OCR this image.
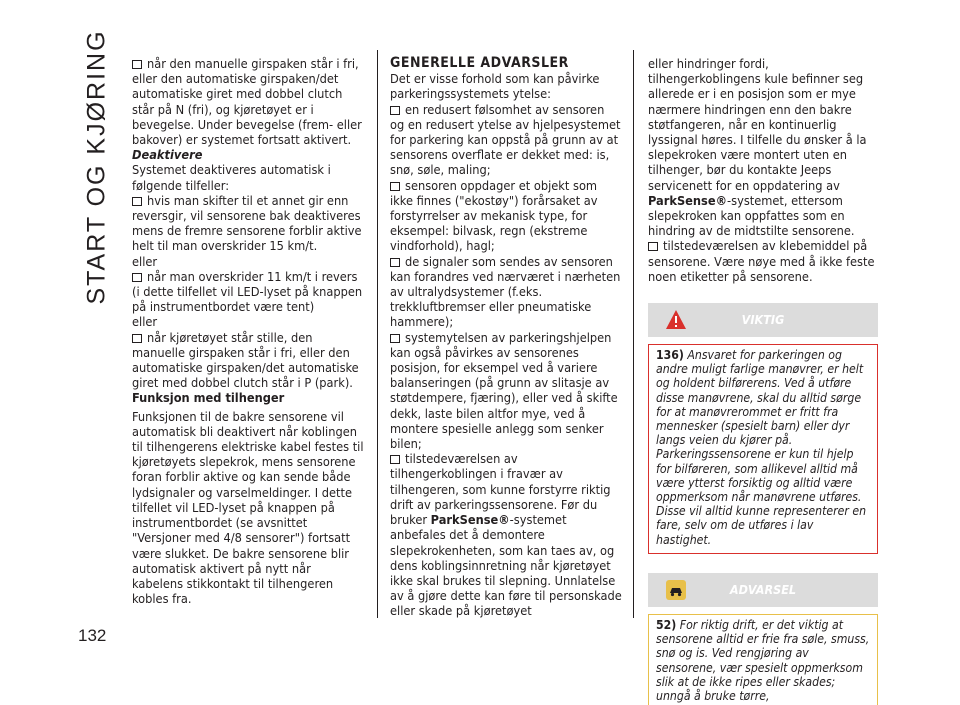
START OG KJØRING	når den manuelle girspaken står i fri, eller den automatiske girspaken/det automatiske giret med dobbel clutch står på N (fri), og kjøretøyet er i bevegelse. Under bevegelse (frem- eller bakover) er systemet fortsatt aktivert.

Deaktivere

Systemet deaktiveres automatisk i følgende tilfeller:

hvis man skifter til et annet gir enn reversgir, vil sensorene bak deaktiveres mens de fremre sensorene forblir aktive helt til man overskrider 15 km/t.

eller

når man overskrider 11 km/t i revers (i dette tilfellet vil LED-lyset på knappen på instrumentbordet være tent)

eller

når kjøretøyet står stille, den manuelle girspaken står i fri, eller den automatiske girspaken/det automatiske giret med dobbel clutch står i P (park).

Funksjon med tilhenger

Funksjonen til de bakre sensorene vil automatisk bli deaktivert når koblingen til tilhengerens elektriske kabel festes til kjøretøyets slepekrok, mens sensorene foran forblir aktive og kan sende både lydsignaler og varselmeldinger. I dette tilfellet vil LED-lyset på knappen på instrumentbordet (se avsnittet "Versjoner med 4/8 sensorer") fortsatt være slukket. De bakre sensorene blir automatisk aktivert på nytt når kabelens stikkontakt til tilhengeren kobles fra.

GENERELLE ADVARSLER

Det er visse forhold som kan påvirke parkeringssystemets ytelse:

en redusert følsomhet av sensoren og en redusert ytelse av hjelpesystemet for parkering kan oppstå på grunn av at sensorens overflate er dekket med: is, snø, søle, maling;

sensoren oppdager et objekt som ikke finnes ("ekostøy") forårsaket av forstyrrelser av mekanisk type, for eksempel: bilvask, regn (ekstreme vindforhold), hagl;

de signaler som sendes av sensoren kan forandres ved nærværet i nærheten av ultralydsystemer (f.eks. trekkluftbremser eller pneumatiske hammere);

systemytelsen av parkeringshjelpen kan også påvirkes av sensorenes posisjon, for eksempel ved å variere balanseringen (på grunn av slitasje av støtdempere, fjæring), eller ved å skifte dekk, laste bilen altfor mye, ved å montere spesielle anlegg som senker bilen;

tilstedeværelsen av tilhengerkoblingen i fravær av tilhengeren, som kunne forstyrre riktig drift av parkeringssensorene. Før du bruker ParkSense®-systemet anbefales det å demontere slepekrokenheten, som kan taes av, og dens koblingsinnretning når kjøretøyet ikke skal brukes til slepning. Unnlatelse av å gjøre dette kan føre til personskade eller skade på kjøretøyet

eller hindringer fordi, tilhengerkoblingens kule befinner seg allerede er i en posisjon som er mye nærmere hindringen enn den bakre støtfangeren, når en kontinuerlig lyssignal høres. I tilfelle du ønsker å la slepekroken være montert uten en tilhenger, bør du kontakte Jeeps servicenett for en oppdatering av ParkSense®-systemet, ettersom slepekroken kan oppfattes som en hindring av de midtstilte sensorene.

tilstedeværelsen av klebemiddel på sensorene. Være nøye med å ikke feste noen etiketter på sensorene.

VIKTIG
136) Ansvaret for parkeringen og andre muligt farlige manøvrer, er helt og holdent bilførerens. Ved å utføre disse manøvrene, skal du alltid sørge for at manøvrerommet er fritt fra mennesker (spesielt barn) eller dyr langs veien du kjører på. Parkeringssensorene er kun til hjelp for bilføreren, som allikevel alltid må være ytterst forsiktig og alltid være oppmerksom når manøvrene utføres. Disse vil alltid kunne representerer en fare, selv om de utføres i lav hastighet.
ADVARSEL
52) For riktig drift, er det viktig at sensorene alltid er frie fra søle, smuss, snø og is. Ved rengjøring av sensorene, vær spesielt oppmerksom slik at de ikke ripes eller skades; unngå å bruke tørre,
132
